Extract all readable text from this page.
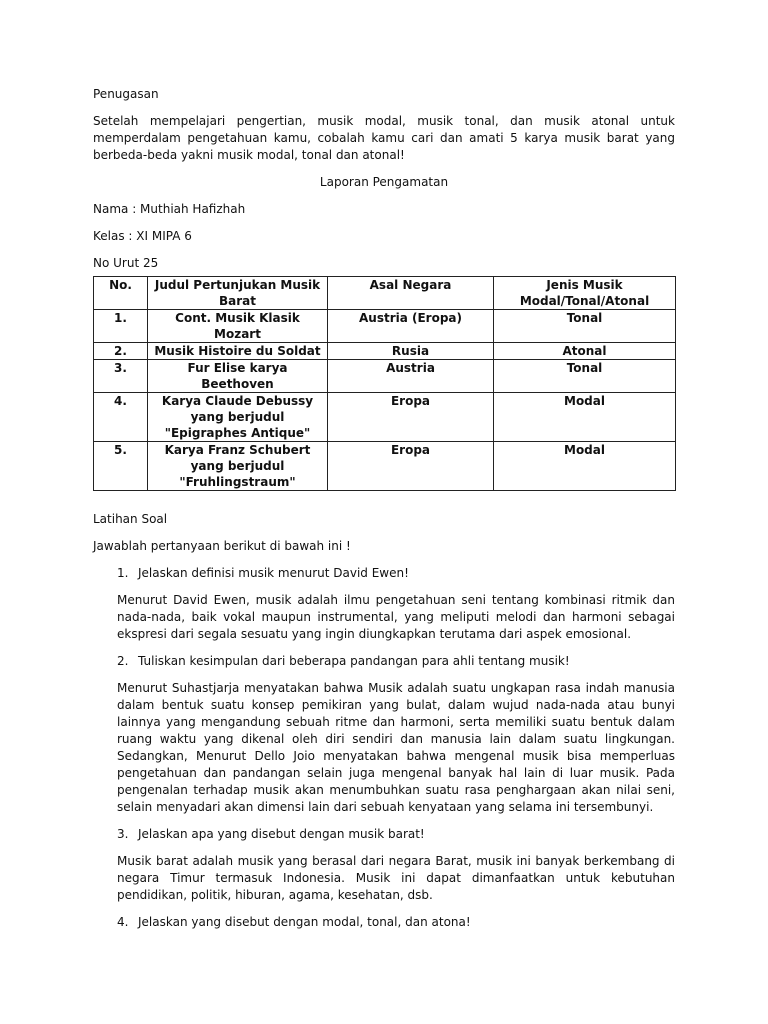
Penugasan

Setelah mempelajari pengertian, musik modal, musik tonal, dan musik atonal untuk memperdalam pengetahuan kamu, cobalah kamu cari dan amati 5 karya musik barat yang berbeda-beda yakni musik modal, tonal dan atonal!

Laporan Pengamatan

Nama : Muthiah Hafizhah

Kelas : XI MIPA 6

No Urut 25

No.	Judul Pertunjukan Musik Barat	Asal Negara	Jenis Musik Modal/Tonal/Atonal
1.	Cont. Musik Klasik Mozart	Austria (Eropa)	Tonal
2.	Musik Histoire du Soldat	Rusia	Atonal
3.	Fur Elise karya Beethoven	Austria	Tonal
4.	Karya Claude Debussy yang berjudul "Epigraphes Antique"	Eropa	Modal
5.	Karya Franz Schubert yang berjudul "Fruhlingstraum"	Eropa	Modal

Latihan Soal

Jawablah pertanyaan berikut di bawah ini !

1. Jelaskan definisi musik menurut David Ewen!

Menurut David Ewen, musik adalah ilmu pengetahuan seni tentang kombinasi ritmik dan nada-nada, baik vokal maupun instrumental, yang meliputi melodi dan harmoni sebagai ekspresi dari segala sesuatu yang ingin diungkapkan terutama dari aspek emosional.

2. Tuliskan kesimpulan dari beberapa pandangan para ahli tentang musik!

Menurut Suhastjarja menyatakan bahwa Musik adalah suatu ungkapan rasa indah manusia dalam bentuk suatu konsep pemikiran yang bulat, dalam wujud nada-nada atau bunyi lainnya yang mengandung sebuah ritme dan harmoni, serta memiliki suatu bentuk dalam ruang waktu yang dikenal oleh diri sendiri dan manusia lain dalam suatu lingkungan. Sedangkan, Menurut Dello Joio menyatakan bahwa mengenal musik bisa memperluas pengetahuan dan pandangan selain juga mengenal banyak hal lain di luar musik. Pada pengenalan terhadap musik akan menumbuhkan suatu rasa penghargaan akan nilai seni, selain menyadari akan dimensi lain dari sebuah kenyataan yang selama ini tersembunyi.

3. Jelaskan apa yang disebut dengan musik barat!

Musik barat adalah musik yang berasal dari negara Barat, musik ini banyak berkembang di negara Timur termasuk Indonesia. Musik ini dapat dimanfaatkan untuk kebutuhan pendidikan, politik, hiburan, agama, kesehatan, dsb.

4. Jelaskan yang disebut dengan modal, tonal, dan atona!
